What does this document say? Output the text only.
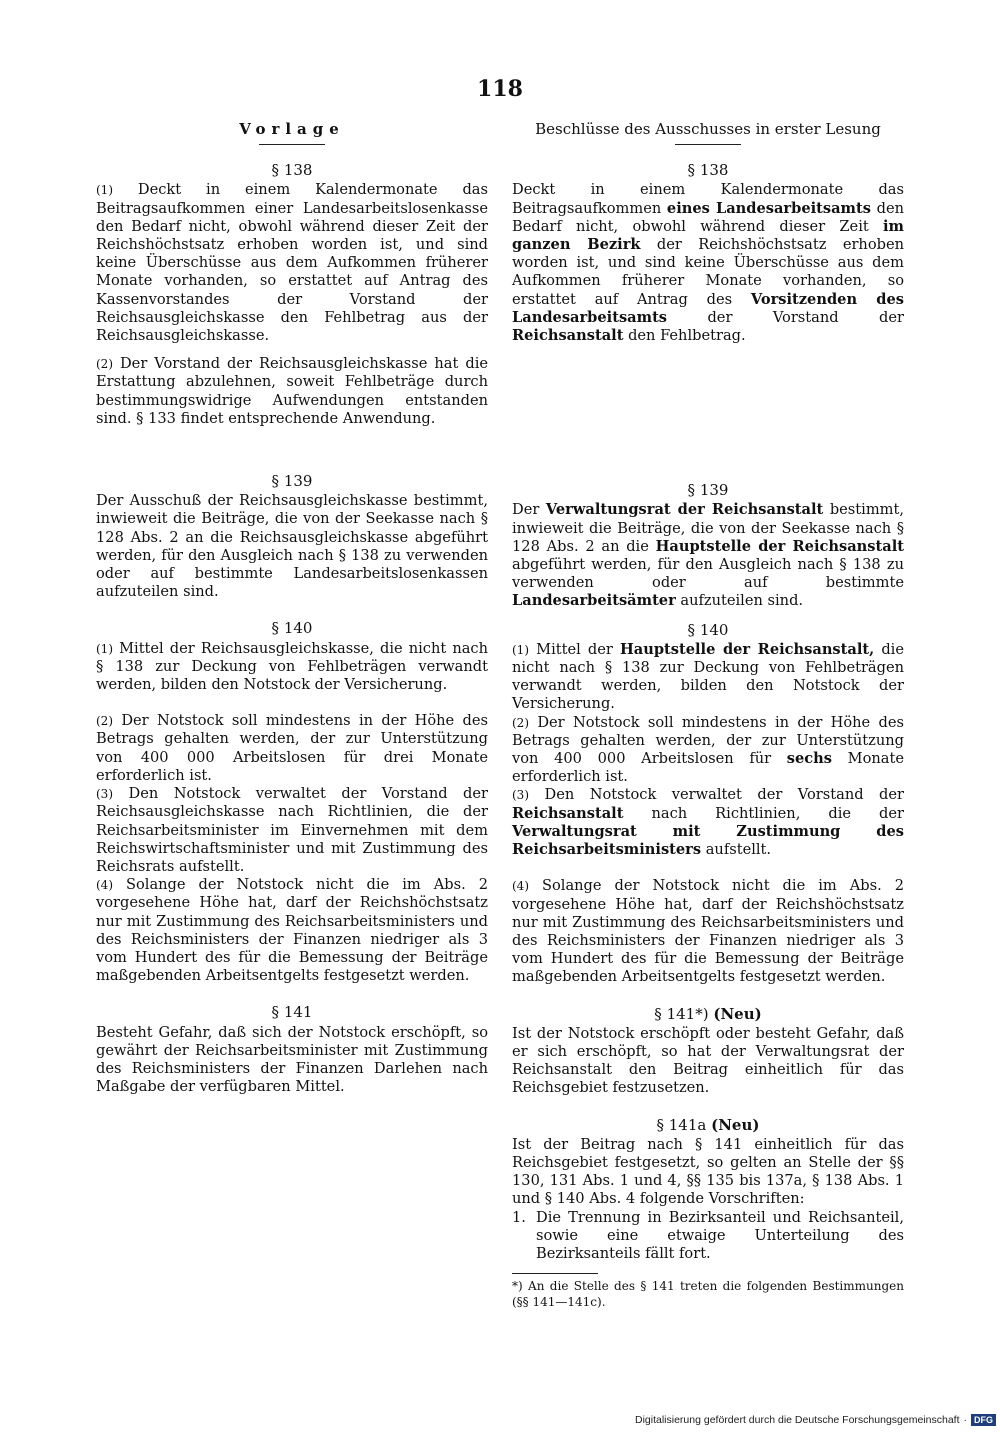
118

Vorlage

§ 138

(1) Deckt in einem Kalendermonate das Beitragsaufkommen einer Landesarbeitslosenkasse den Bedarf nicht, obwohl während dieser Zeit der Reichshöchstsatz erhoben worden ist, und sind keine Überschüsse aus dem Aufkommen früherer Monate vorhanden, so erstattet auf Antrag des Kassenvorstandes der Vorstand der Reichsausgleichskasse den Fehlbetrag aus der Reichsausgleichskasse.

(2) Der Vorstand der Reichsausgleichskasse hat die Erstattung abzulehnen, soweit Fehlbeträge durch bestimmungswidrige Aufwendungen entstanden sind. § 133 findet entsprechende Anwendung.

§ 139

Der Ausschuß der Reichsausgleichskasse bestimmt, inwieweit die Beiträge, die von der Seekasse nach § 128 Abs. 2 an die Reichsausgleichskasse abgeführt werden, für den Ausgleich nach § 138 zu verwenden oder auf bestimmte Landesarbeitslosenkassen aufzuteilen sind.

§ 140

(1) Mittel der Reichsausgleichskasse, die nicht nach § 138 zur Deckung von Fehlbeträgen verwandt werden, bilden den Notstock der Versicherung.

(2) Der Notstock soll mindestens in der Höhe des Betrags gehalten werden, der zur Unterstützung von 400 000 Arbeitslosen für drei Monate erforderlich ist.

(3) Den Notstock verwaltet der Vorstand der Reichsausgleichskasse nach Richtlinien, die der Reichsarbeitsminister im Einvernehmen mit dem Reichswirtschaftsminister und mit Zustimmung des Reichsrats aufstellt.

(4) Solange der Notstock nicht die im Abs. 2 vorgesehene Höhe hat, darf der Reichshöchstsatz nur mit Zustimmung des Reichsarbeitsministers und des Reichsministers der Finanzen niedriger als 3 vom Hundert des für die Bemessung der Beiträge maßgebenden Arbeitsentgelts festgesetzt werden.

§ 141

Besteht Gefahr, daß sich der Notstock erschöpft, so gewährt der Reichsarbeitsminister mit Zustimmung des Reichsministers der Finanzen Darlehen nach Maßgabe der verfügbaren Mittel.

Beschlüsse des Ausschusses in erster Lesung

§ 138

Deckt in einem Kalendermonate das Beitragsaufkommen eines Landesarbeitsamts den Bedarf nicht, obwohl während dieser Zeit im ganzen Bezirk der Reichshöchstsatz erhoben worden ist, und sind keine Überschüsse aus dem Aufkommen früherer Monate vorhanden, so erstattet auf Antrag des Vorsitzenden des Landesarbeitsamts der Vorstand der Reichsanstalt den Fehlbetrag.

§ 139

Der Verwaltungsrat der Reichsanstalt bestimmt, inwieweit die Beiträge, die von der Seekasse nach § 128 Abs. 2 an die Hauptstelle der Reichsanstalt abgeführt werden, für den Ausgleich nach § 138 zu verwenden oder auf bestimmte Landesarbeitsämter aufzuteilen sind.

§ 140

(1) Mittel der Hauptstelle der Reichsanstalt, die nicht nach § 138 zur Deckung von Fehlbeträgen verwandt werden, bilden den Notstock der Versicherung.

(2) Der Notstock soll mindestens in der Höhe des Betrags gehalten werden, der zur Unterstützung von 400 000 Arbeitslosen für sechs Monate erforderlich ist.

(3) Den Notstock verwaltet der Vorstand der Reichsanstalt nach Richtlinien, die der Verwaltungsrat mit Zustimmung des Reichsarbeitsministers aufstellt.

(4) Solange der Notstock nicht die im Abs. 2 vorgesehene Höhe hat, darf der Reichshöchstsatz nur mit Zustimmung des Reichsarbeitsministers und des Reichsministers der Finanzen niedriger als 3 vom Hundert des für die Bemessung der Beiträge maßgebenden Arbeitsentgelts festgesetzt werden.

§ 141*) (Neu)

Ist der Notstock erschöpft oder besteht Gefahr, daß er sich erschöpft, so hat der Verwaltungsrat der Reichsanstalt den Beitrag einheitlich für das Reichsgebiet festzusetzen.

§ 141a (Neu)

Ist der Beitrag nach § 141 einheitlich für das Reichsgebiet festgesetzt, so gelten an Stelle der §§ 130, 131 Abs. 1 und 4, §§ 135 bis 137a, § 138 Abs. 1 und § 140 Abs. 4 folgende Vorschriften:

1. Die Trennung in Bezirksanteil und Reichsanteil, sowie eine etwaige Unterteilung des Bezirksanteils fällt fort.

*) An die Stelle des § 141 treten die folgenden Bestimmungen (§§ 141—141c).

Digitalisierung gefördert durch die Deutsche Forschungsgemeinschaft · DFG
